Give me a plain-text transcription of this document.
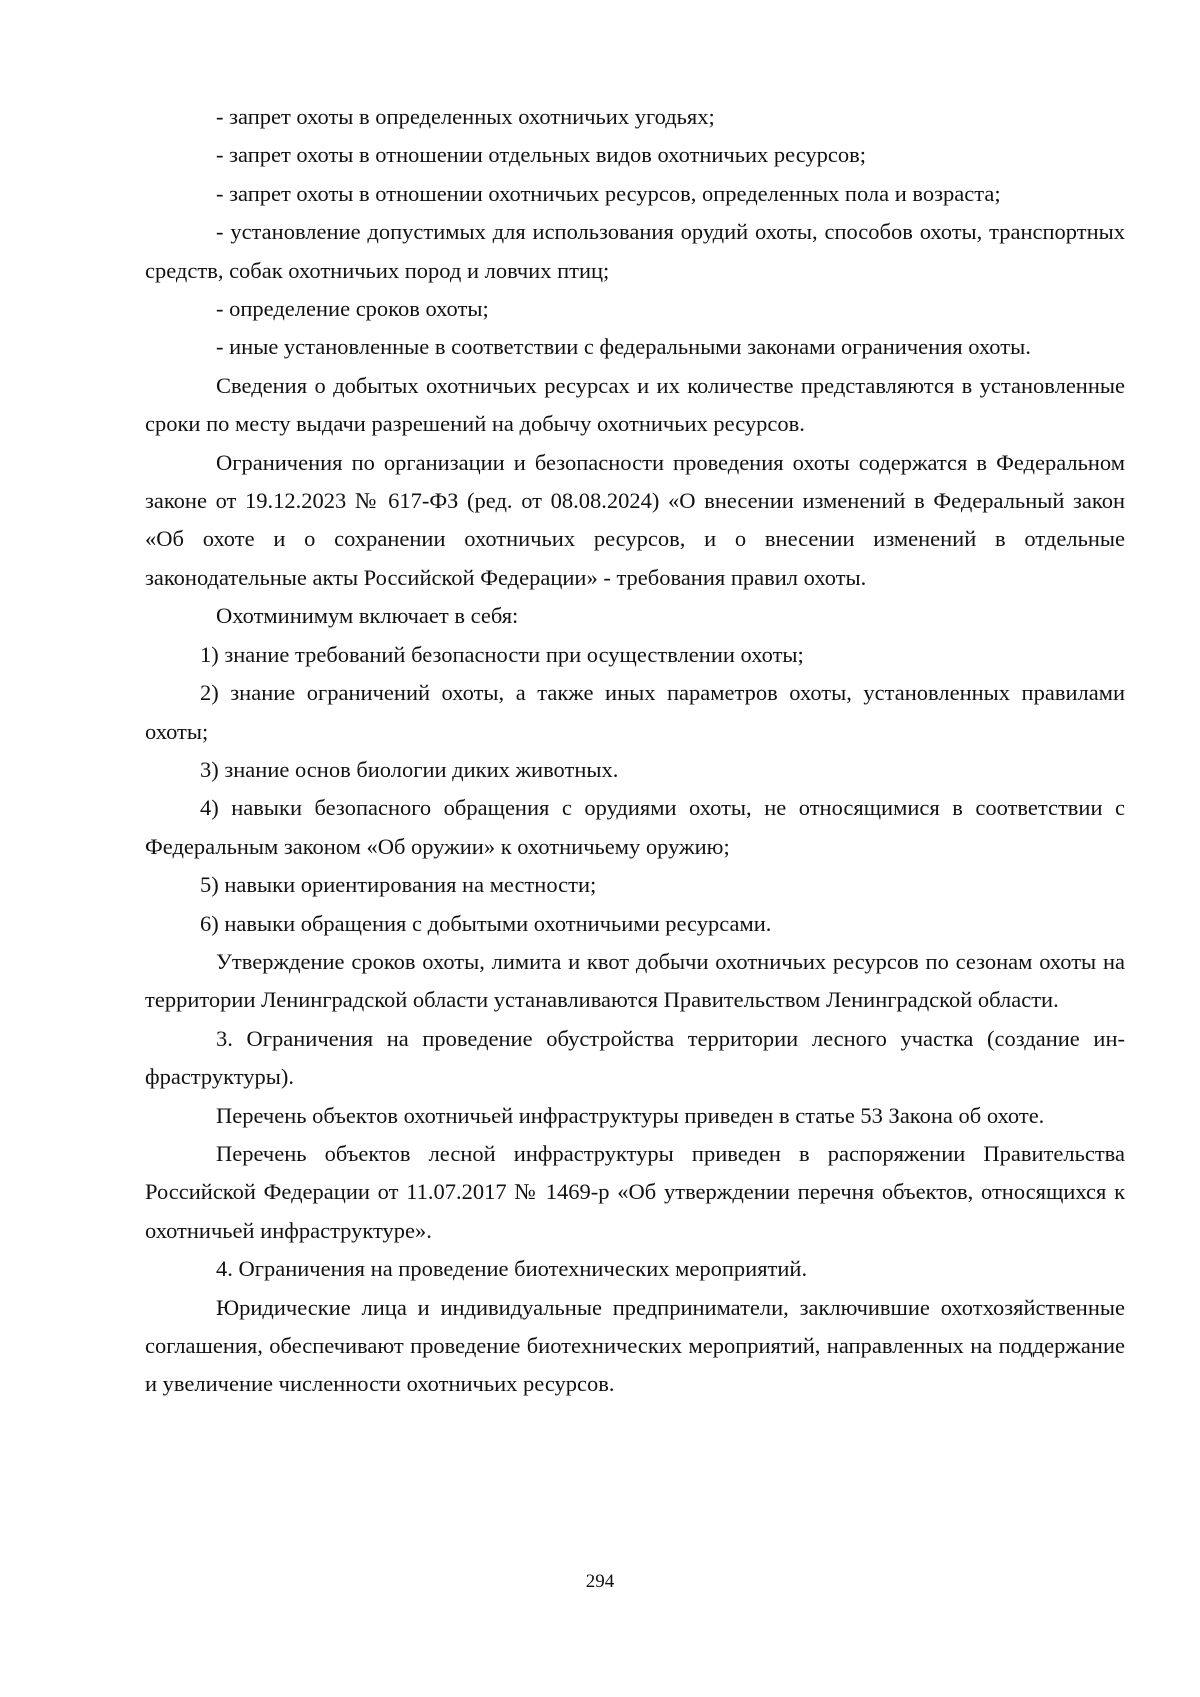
- запрет охоты в определенных охотничьих угодьях;

- запрет охоты в отношении отдельных видов охотничьих ресурсов;

- запрет охоты в отношении охотничьих ресурсов, определенных пола и возраста;

- установление допустимых для использования орудий охоты, способов охоты, транспортных средств, собак охотничьих пород и ловчих птиц;

- определение сроков охоты;

- иные установленные в соответствии с федеральными законами ограничения охоты.

Сведения о добытых охотничьих ресурсах и их количестве представляются в установленные сроки по месту выдачи разрешений на добычу охотничьих ресурсов.

Ограничения по организации и безопасности проведения охоты содержатся в Федеральном законе от 19.12.2023 № 617-ФЗ (ред. от 08.08.2024) «О внесении изменений в Федеральный закон «Об охоте и о сохранении охотничьих ресурсов, и о внесении изменений в отдельные законодательные акты Российской Федерации» - требования правил охоты.

Охотминимум включает в себя:

1) знание требований безопасности при осуществлении охоты;

2) знание ограничений охоты, а также иных параметров охоты, установленных правилами охоты;

3) знание основ биологии диких животных.

4) навыки безопасного обращения с орудиями охоты, не относящимися в соответствии с Федеральным законом «Об оружии» к охотничьему оружию;

5) навыки ориентирования на местности;

6) навыки обращения с добытыми охотничьими ресурсами.

Утверждение сроков охоты, лимита и квот добычи охотничьих ресурсов по сезонам охоты на территории Ленинградской области устанавливаются Правительством Ленинградской области.

3. Ограничения на проведение обустройства территории лесного участка (создание инфраструктуры).

Перечень объектов охотничьей инфраструктуры приведен в статье 53 Закона об охоте.

Перечень объектов лесной инфраструктуры приведен в распоряжении Правительства Российской Федерации от 11.07.2017 № 1469-р «Об утверждении перечня объектов, относящихся к охотничьей инфраструктуре».

4. Ограничения на проведение биотехнических мероприятий.

Юридические лица и индивидуальные предприниматели, заключившие охотхозяйственные соглашения, обеспечивают проведение биотехнических мероприятий, направленных на поддержание и увеличение численности охотничьих ресурсов.

294
